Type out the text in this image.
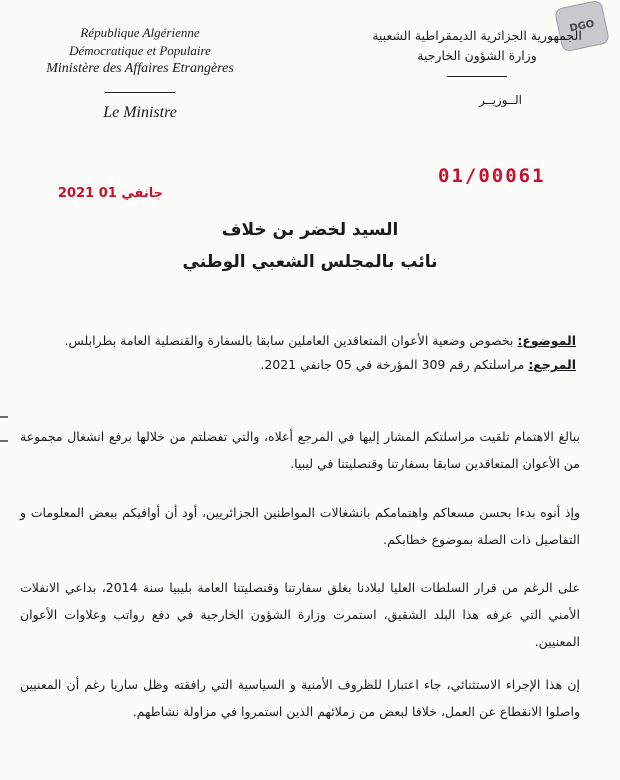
DGO

République Algérienne

Démocratique et Populaire

Ministère des Affaires Etrangères

Le Ministre

الجمهورية الجزائرية الديمقراطية الشعبية

وزارة الشؤون الخارجية

الــوزيــر

01/00061
2021 جانفي 01
السيد لخضر بن خلاف
نائب بالمجلس الشعبي الوطني
الموضوع: بخصوص وضعية الأعوان المتعاقدين العاملين سابقا بالسفارة والقنصلية العامة بطرابلس.
المرجع: مراسلتكم رقم 309 المؤرخة في 05 جانفي 2021.

ببالغ الاهتمام تلقيت مراسلتكم المشار إليها في المرجع أعلاه، والتي تفضلتم من خلالها برفع انشغال مجموعة من الأعوان المتعاقدين سابقا بسفارتنا وقنصليتنا في ليبيا.

وإذ أنوه بدءا بحسن مسعاكم واهتمامكم بانشغالات المواطنين الجزائريين، أود أن أوافيكم ببعض المعلومات و التفاصيل ذات الصلة بموضوع خطابكم.

على الرغم من قرار السلطات العليا لبلادنا بغلق سفارتنا وقنصليتنا العامة بليبيا سنة 2014، بداعي الانفلات الأمني التي عرفه هذا البلد الشقيق، استمرت وزارة الشؤون الخارجية في دفع رواتب وعلاوات الأعوان المعنيين.

إن هذا الإجراء الاستثنائي، جاء اعتبارا للظروف الأمنية و السياسية التي رافقته وظل ساريا رغم أن المعنيين واصلوا الانقطاع عن العمل، خلافا لبعض من زملائهم الذين استمروا في مزاولة نشاطهم.
